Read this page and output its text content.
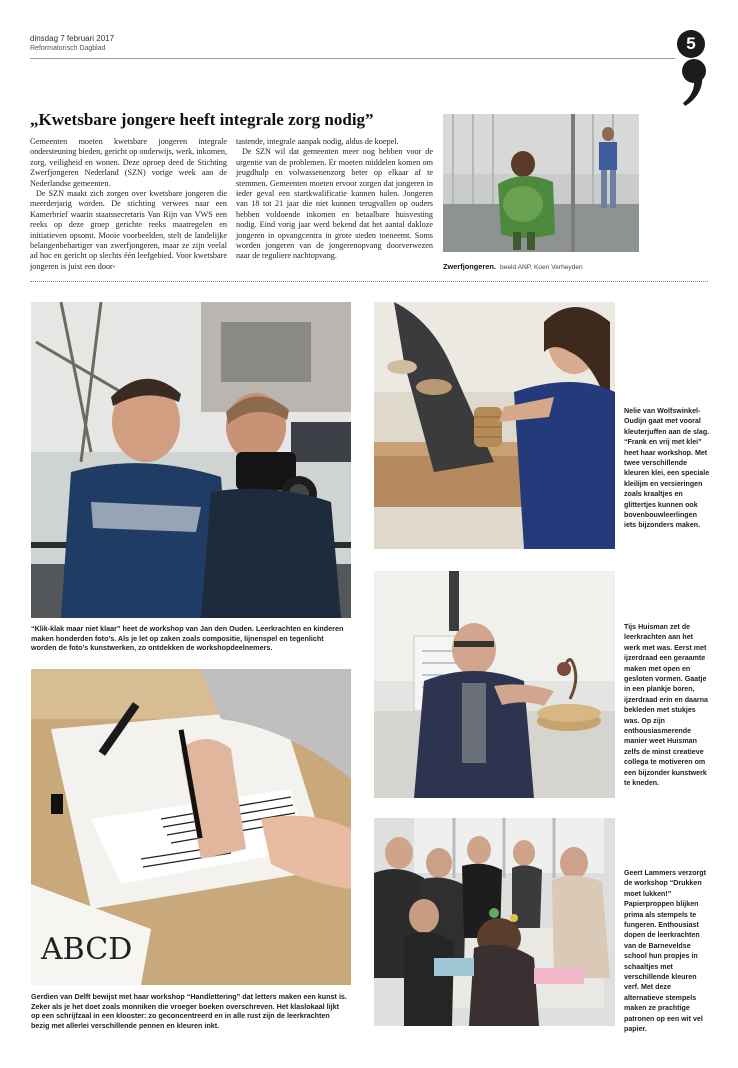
dinsdag 7 februari 2017
Reformatorisch Dagblad	5
„Kwetsbare jongere heeft integrale zorg nodig”

Gemeenten moeten kwetsbare jongeren integrale ondersteuning bieden, gericht op onderwijs, werk, inkomen, zorg, veiligheid en wonen. Deze oproep deed de Stichting Zwerfjongeren Nederland (SZN) vorige week aan de Nederlandse gemeenten.

De SZN maakt zich zorgen over kwetsbare jongeren die meerderjarig worden. De stichting verwees naar een Kamerbrief waarin staatssecretaris Van Rijn van VWS een reeks op deze groep gerichte reeks maatregelen en initiatieven opsomt. Mooie voorbeelden, stelt de landelijke belangenbehartiger van zwerfjongeren, maar ze zijn veelal ad hoc en gericht op slechts één leefgebied. Voor kwetsbare jongeren is juist een door-

tastende, integrale aanpak nodig, aldus de koepel.

De SZN wil dat gemeenten meer oog hebben voor de urgentie van de problemen. Er moeten middelen komen om jeugdhulp en volwassenenzorg beter op elkaar af te stemmen. Gemeenten moeten ervoor zorgen dat jongeren in ieder geval een startkwalificatie kunnen halen. Jongeren van 18 tot 21 jaar die niet kunnen terugvallen op ouders hebben voldoende inkomen en betaalbare huisvesting nodig. Eind vorig jaar werd bekend dat het aantal dakloze jongeren in opvangcentra in grote steden toeneemt. Soms worden jongeren van de jongerenopvang doorverwezen naar de reguliere nachtopvang.

Zwerfjongeren. beeld ANP, Koen Verheyden
“Klik-klak maar niet klaar” heet de workshop van Jan den Ouden. Leerkrachten en kinderen maken honderden foto’s. Als je let op zaken zoals compositie, lijnenspel en tegenlicht worden de foto’s kunstwerken, zo ontdekken de workshopdeelnemers.
Nelie van Wolfswinkel-Oudijn gaat met vooral kleuterjuffen aan de slag. “Frank en vrij met klei” heet haar workshop. Met twee verschillende kleuren klei, een speciale kleilijm en versieringen zoals kraaltjes en glittertjes kunnen ook bovenbouwleerlingen iets bijzonders maken.
ABCD
Gerdien van Delft bewijst met haar workshop “Handlettering” dat letters maken een kunst is. Zeker als je het doet zoals monniken die vroeger boeken overschreven. Het klaslokaal lijkt op een schrijfzaal in een klooster: zo geconcentreerd en in alle rust zijn de leerkrachten bezig met allerlei verschillende pennen en kleuren inkt.
Tijs Huisman zet de leerkrachten aan het werk met was. Eerst met ijzerdraad een geraamte maken met open en gesloten vormen. Gaatje in een plankje boren, ijzerdraad erin en daarna bekleden met stukjes was. Op zijn enthousiasmerende manier weet Huisman zelfs de minst creatieve collega te motiveren om een bijzonder kunstwerk te kneden.
Geert Lammers verzorgt de workshop “Drukken moet lukken!” Papierproppen blijken prima als stempels te fungeren. Enthousiast dopen de leerkrachten van de Barneveldse school hun propjes in schaaltjes met verschillende kleuren verf. Met deze alternatieve stempels maken ze prachtige patronen op een wit vel papier.
